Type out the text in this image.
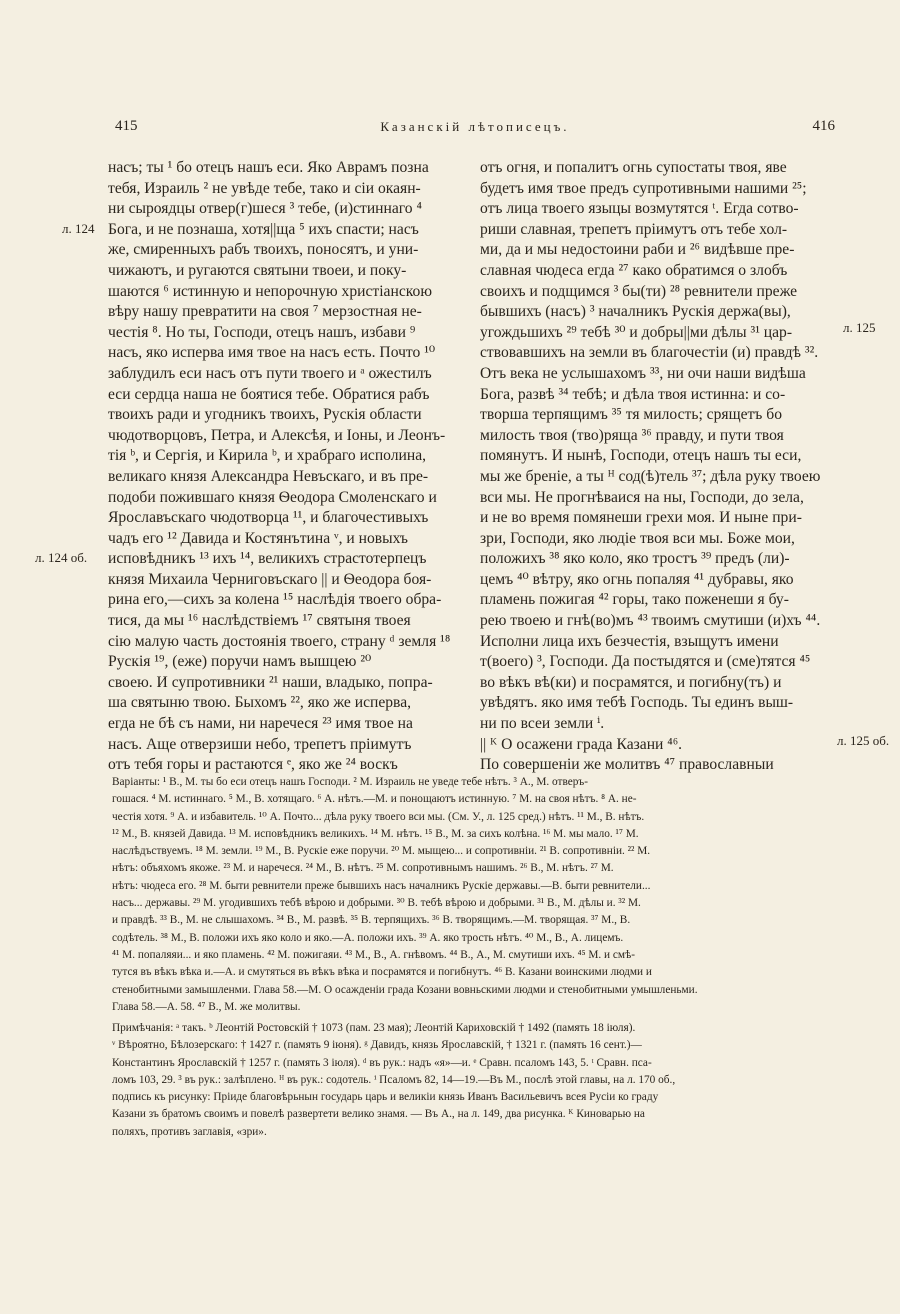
415	Казанскій лѣтописецъ.	416
л. 124
л. 124 об.
л. 125
л. 125 об.
насъ; ты ¹ бо отецъ нашъ еси. Яко Аврамъ позна
тебя, Израиль ² не увѣде тебе, тако и сіи окаян-
ни сыроядцы отвер(г)шеся ³ тебе, (и)стиннаго ⁴
Бога, и не познаша, хотя||ща ⁵ ихъ спасти; насъ
же, смиренныхъ рабъ твоихъ, поносятъ, и уни-
чижаютъ, и ругаются святыни твоеи, и поку-
шаются ⁶ истинную и непорочную христіанскою
вѣру нашу превратити на своя ⁷ мерзостная не-
честія ⁸. Но ты, Господи, отецъ нашъ, избави ⁹
насъ, яко исперва имя твое на насъ есть. Почто ¹⁰
заблудилъ еси насъ отъ пути твоего и ᵃ ожестилъ
еси сердца наша не боятися тебе. Обратися рабъ
твоихъ ради и угодникъ твоихъ, Рускія области
чюдотворцовъ, Петра, и Алексѣя, и Іоны, и Леонъ-
тія ᵇ, и Сергія, и Кирила ᵇ, и храбраго исполина,
великаго князя Александра Невъскаго, и въ пре-
подоби пожившаго князя Ѳеодора Смоленскаго и
Ярославъскаго чюдотворца ¹¹, и благочестивыхъ
чадъ его ¹² Давида и Костянътина ᵛ, и новыхъ
исповѣдникъ ¹³ ихъ ¹⁴, великихъ страстотерпецъ
князя Михаила Черниговъскаго || и Ѳеодора боя-
рина его,—сихъ за колена ¹⁵ наслѣдія твоего обра-
тися, да мы ¹⁶ наслѣдствіемъ ¹⁷ святыня твоея
сію малую часть достоянія твоего, страну ᵈ земля ¹⁸
Рускія ¹⁹, (еже) поручи намъ вышцею ²⁰
своею. И супротивники ²¹ наши, владыко, попра-
ша святыню твою. Быхомъ ²², яко же исперва,
егда не бѣ съ нами, ни наречеся ²³ имя твое на
насъ. Аще отверзиши небо, трепетъ пріимутъ
отъ тебя горы и растаются ᵉ, яко же ²⁴ воскъ
отъ огня, и попалитъ огнь супостаты твоя, яве
будетъ имя твое предъ супротивными нашими ²⁵;
отъ лица твоего языцы возмутятся ᵗ. Егда сотво-
риши славная, трепетъ пріимутъ отъ тебе хол-
ми, да и мы недостоини раби и ²⁶ видѣвше пре-
славная чюдеса егда ²⁷ како обратимся о злобъ
своихъ и подщимся ³ бы(ти) ²⁸ ревнители преже
бывшихъ (насъ) ³ началникъ Рускія держа(вы),
угождьшихъ ²⁹ тебѣ ³⁰ и добры||ми дѣлы ³¹ цар-
ствовавшихъ на земли въ благочестіи (и) правдѣ ³².
Отъ века не услышахомъ ³³, ни очи наши видѣша
Бога, развѣ ³⁴ тебѣ; и дѣла твоя истинна: и со-
творша терпящимъ ³⁵ тя милость; срящетъ бо
милость твоя (тво)ряща ³⁶ правду, и пути твоя
помянутъ. И нынѣ, Господи, отецъ нашъ ты еси,
мы же бреніе, а ты ᴴ сод(ѣ)тель ³⁷; дѣла руку твоею
вси мы. Не прогнѣваися на ны, Господи, до зела,
и не во время помянеши грехи моя. И ныне при-
зри, Господи, яко людіе твоя вси мы. Боже мои,
положихъ ³⁸ яко коло, яко тростъ ³⁹ предъ (ли)-
цемъ ⁴⁰ вѣтру, яко огнь попаляя ⁴¹ дубравы, яко
пламень пожигая ⁴² горы, тако поженеши я бу-
рею твоею и гнѣ(во)мъ ⁴³ твоимъ смутиши (и)хъ ⁴⁴.
Исполни лица ихъ безчестія, взыщутъ имени
т(воего) ³, Господи. Да постыдятся и (сме)тятся ⁴⁵
во вѣкъ вѣ(ки) и посрамятся, и погибну(тъ) и
увѣдятъ. яко имя тебѣ Господь. Ты единъ выш-
ни по всеи земли ⁱ.
|| ᴷ О осажени града Казани ⁴⁶.
По совершеніи же молитвъ ⁴⁷ православныи
Варіанты: ¹ В., М. ты бо еси отецъ нашъ Господи. ² М. Израиль не уведе тебе нѣтъ. ³ А., М. отверъ-
гошася. ⁴ М. истиннаго. ⁵ М., В. хотящаго. ⁶ А. нѣтъ.—М. и понощаютъ истинную. ⁷ М. на своя нѣтъ. ⁸ А. не-
честія хотя. ⁹ А. и избавитель. ¹⁰ А. Почто... дѣла руку твоего вси мы. (См. У., л. 125 сред.) нѣтъ. ¹¹ М., В. нѣтъ.
¹² М., В. князей Давида. ¹³ М. исповѣдникъ великихъ. ¹⁴ М. нѣтъ. ¹⁵ В., М. за сихъ колѣна. ¹⁶ М. мы мало. ¹⁷ М.
наслѣдъствуемъ. ¹⁸ М. земли. ¹⁹ М., В. Рускіе еже поручи. ²⁰ М. мыщею... и сопротивніи. ²¹ В. сопротивніи. ²² М.
нѣтъ: объяхомъ якоже. ²³ М. и наречеся. ²⁴ М., В. нѣтъ. ²⁵ М. сопротивнымъ нашимъ. ²⁶ В., М. нѣтъ. ²⁷ М.
нѣтъ: чюдеса его. ²⁸ М. быти ревнители преже бывшихъ насъ началникъ Рускіе державы.—В. быти ревнители...
насъ... державы. ²⁹ М. угодившихъ тебѣ вѣрою и добрыми. ³⁰ В. тебѣ вѣрою и добрыми. ³¹ В., М. дѣлы и. ³² М.
и правдѣ. ³³ В., М. не слышахомъ. ³⁴ В., М. развѣ. ³⁵ В. терпящихъ. ³⁶ В. творящимъ.—М. творящая. ³⁷ М., В.
содѣтель. ³⁸ М., В. положи ихъ яко коло и яко.—А. положи ихъ. ³⁹ А. яко трость нѣтъ. ⁴⁰ М., В., А. лицемъ.
⁴¹ М. попаляяи... и яко пламень. ⁴² М. пожигаяи. ⁴³ М., В., А. гнѣвомъ. ⁴⁴ В., А., М. смутиши ихъ. ⁴⁵ М. и смѣ-
тутся въ вѣкъ вѣка и.—А. и смутяться въ вѣкъ вѣка и посрамятся и погибнутъ. ⁴⁶ В. Казани воинскими людми и
стенобитными замышленми. Глава 58.—М. О осажденіи града Козани вовньскими людми и стенобитными умышленьми.
Глава 58.—А. 58. ⁴⁷ В., М. же молитвы.
Примѣчанія: ᵃ такъ. ᵇ Леонтій Ростовскій † 1073 (пам. 23 мая); Леонтій Кариховскій † 1492 (память 18 іюля).
ᵛ Вѣроятно, Бѣлозерскаго: † 1427 г. (память 9 іюня). ᵍ Давидъ, князь Ярославскій, † 1321 г. (память 16 сент.)—
Константинъ Ярославскій † 1257 г. (память 3 іюля). ᵈ въ рук.: надъ «я»—и. ᵉ Сравн. псаломъ 143, 5. ᵗ Сравн. пса-
ломъ 103, 29. ³ въ рук.: залѣплено. ᴴ въ рук.: содотель. ⁱ Псаломъ 82, 14—19.—Въ М., послѣ этой главы, на л. 170 об.,
подпись къ рисунку: Пріиде благовѣрьнын государь царь и великіи князь Иванъ Васильевичъ всея Русіи ко граду
Казани зъ братомъ своимъ и повелѣ развертети велико знамя. — Въ А., на л. 149, два рисунка. ᴷ Киноварью на
поляхъ, противъ заглавія, «зри».
